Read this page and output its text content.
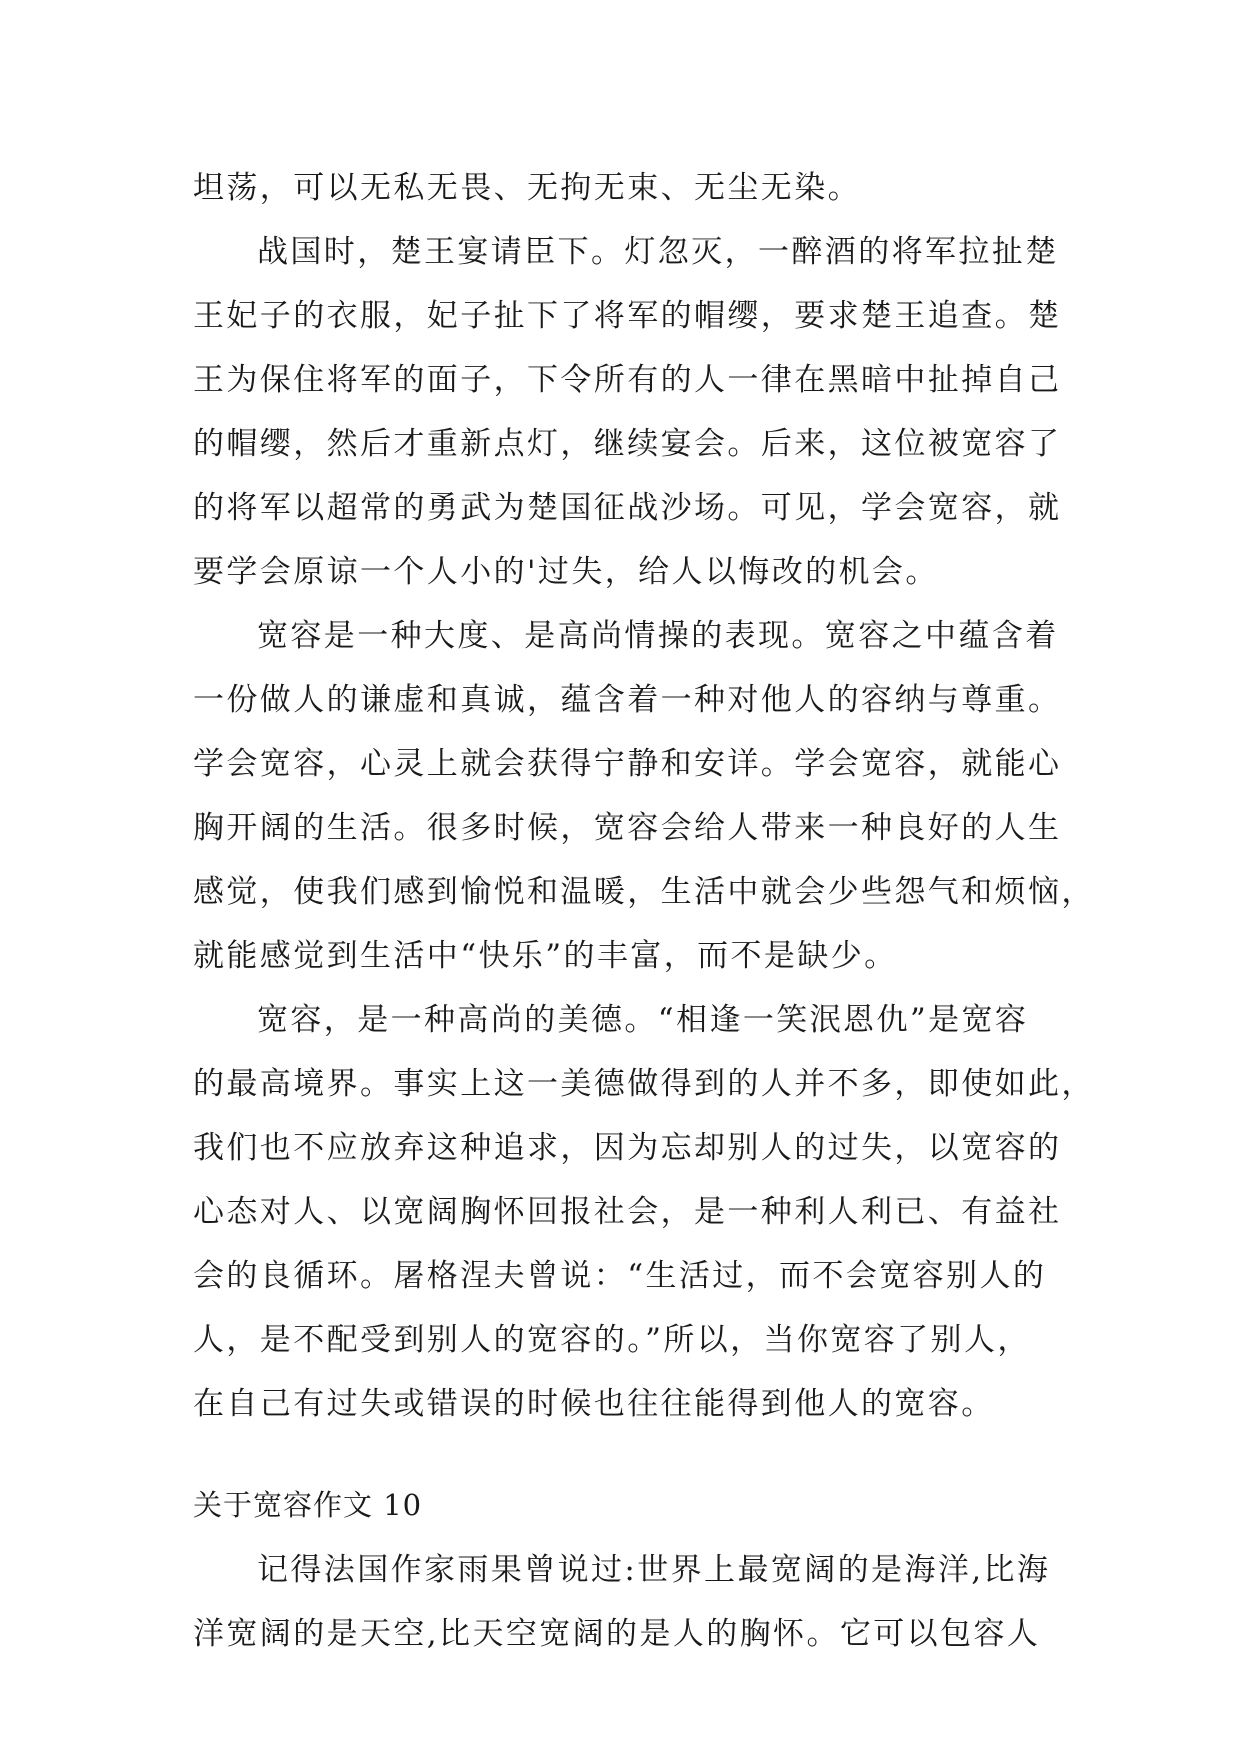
坦荡，可以无私无畏、无拘无束、无尘无染。
战国时，楚王宴请臣下。灯忽灭，一醉酒的将军拉扯楚
王妃子的衣服，妃子扯下了将军的帽缨，要求楚王追查。楚
王为保住将军的面子，下令所有的人一律在黑暗中扯掉自己
的帽缨，然后才重新点灯，继续宴会。后来，这位被宽容了
的将军以超常的勇武为楚国征战沙场。可见，学会宽容，就
要学会原谅一个人小的'过失，给人以悔改的机会。
宽容是一种大度、是高尚情操的表现。宽容之中蕴含着
一份做人的谦虚和真诚，蕴含着一种对他人的容纳与尊重。
学会宽容，心灵上就会获得宁静和安详。学会宽容，就能心
胸开阔的生活。很多时候，宽容会给人带来一种良好的人生
感觉，使我们感到愉悦和温暖，生活中就会少些怨气和烦恼，
就能感觉到生活中“快乐”的丰富，而不是缺少。
宽容，是一种高尚的美德。“相逢一笑泯恩仇”是宽容
的最高境界。事实上这一美德做得到的人并不多，即使如此，
我们也不应放弃这种追求，因为忘却别人的过失，以宽容的
心态对人、以宽阔胸怀回报社会，是一种利人利已、有益社
会的良循环。屠格涅夫曾说：“生活过，而不会宽容别人的
人，是不配受到别人的宽容的。”所以，当你宽容了别人，
在自己有过失或错误的时候也往往能得到他人的宽容。
关于宽容作文 10
记得法国作家雨果曾说过:世界上最宽阔的是海洋,比海
洋宽阔的是天空,比天空宽阔的是人的胸怀。它可以包容人
